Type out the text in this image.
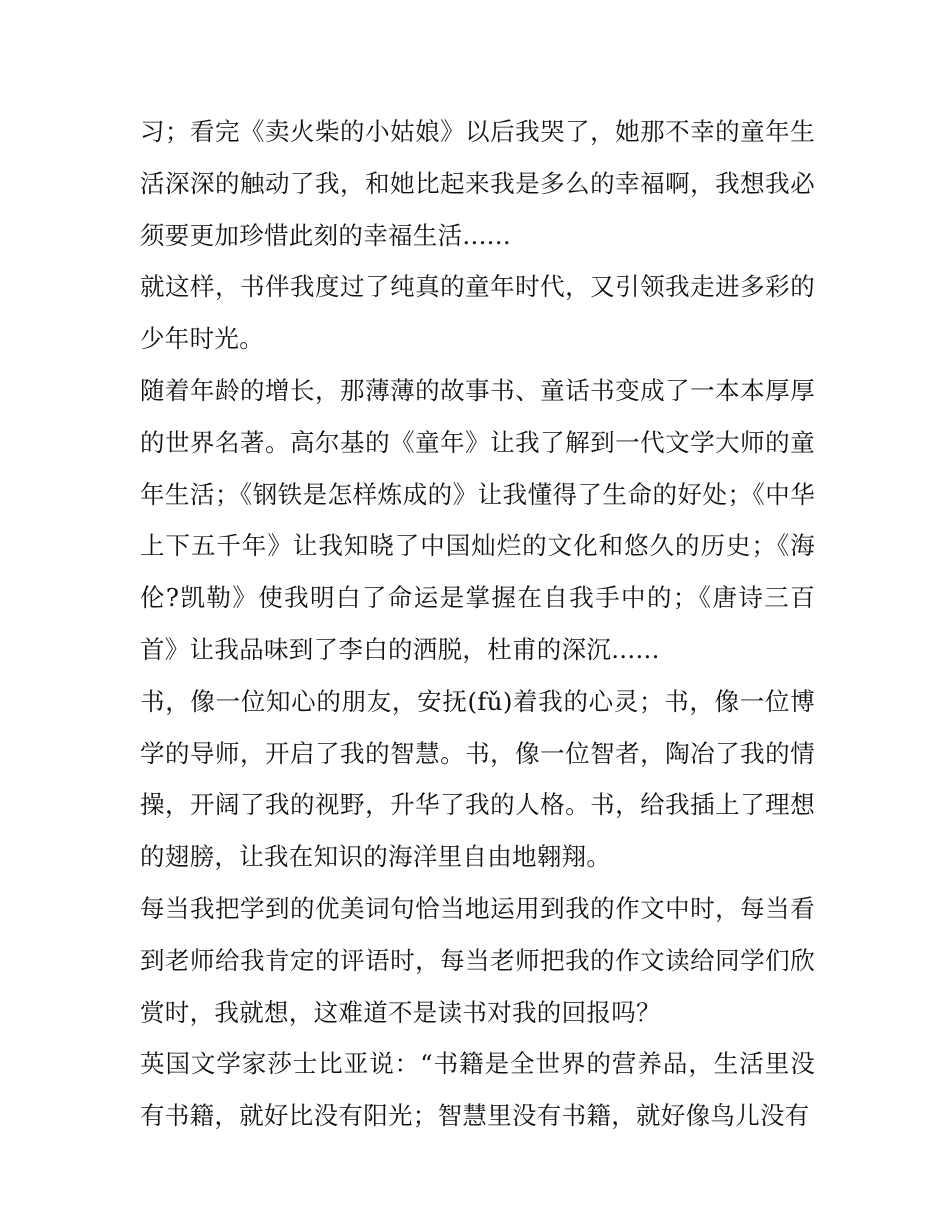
习；看完《卖火柴的小姑娘》以后我哭了，她那不幸的童年生活深深的触动了我，和她比起来我是多么的幸福啊，我想我必须要更加珍惜此刻的幸福生活......

就这样，书伴我度过了纯真的童年时代，又引领我走进多彩的少年时光。

随着年龄的增长，那薄薄的故事书、童话书变成了一本本厚厚的世界名著。高尔基的《童年》让我了解到一代文学大师的童年生活；《钢铁是怎样炼成的》让我懂得了生命的好处；《中华上下五千年》让我知晓了中国灿烂的文化和悠久的历史；《海伦?凯勒》使我明白了命运是掌握在自我手中的；《唐诗三百首》让我品味到了李白的洒脱，杜甫的深沉......

书，像一位知心的朋友，安抚(fǔ)着我的心灵；书，像一位博学的导师，开启了我的智慧。书，像一位智者，陶冶了我的情操，开阔了我的视野，升华了我的人格。书，给我插上了理想的翅膀，让我在知识的海洋里自由地翱翔。

每当我把学到的优美词句恰当地运用到我的作文中时，每当看到老师给我肯定的评语时，每当老师把我的作文读给同学们欣赏时，我就想，这难道不是读书对我的回报吗？

英国文学家莎士比亚说：“书籍是全世界的营养品，生活里没有书籍，就好比没有阳光；智慧里没有书籍，就好像鸟儿没有
